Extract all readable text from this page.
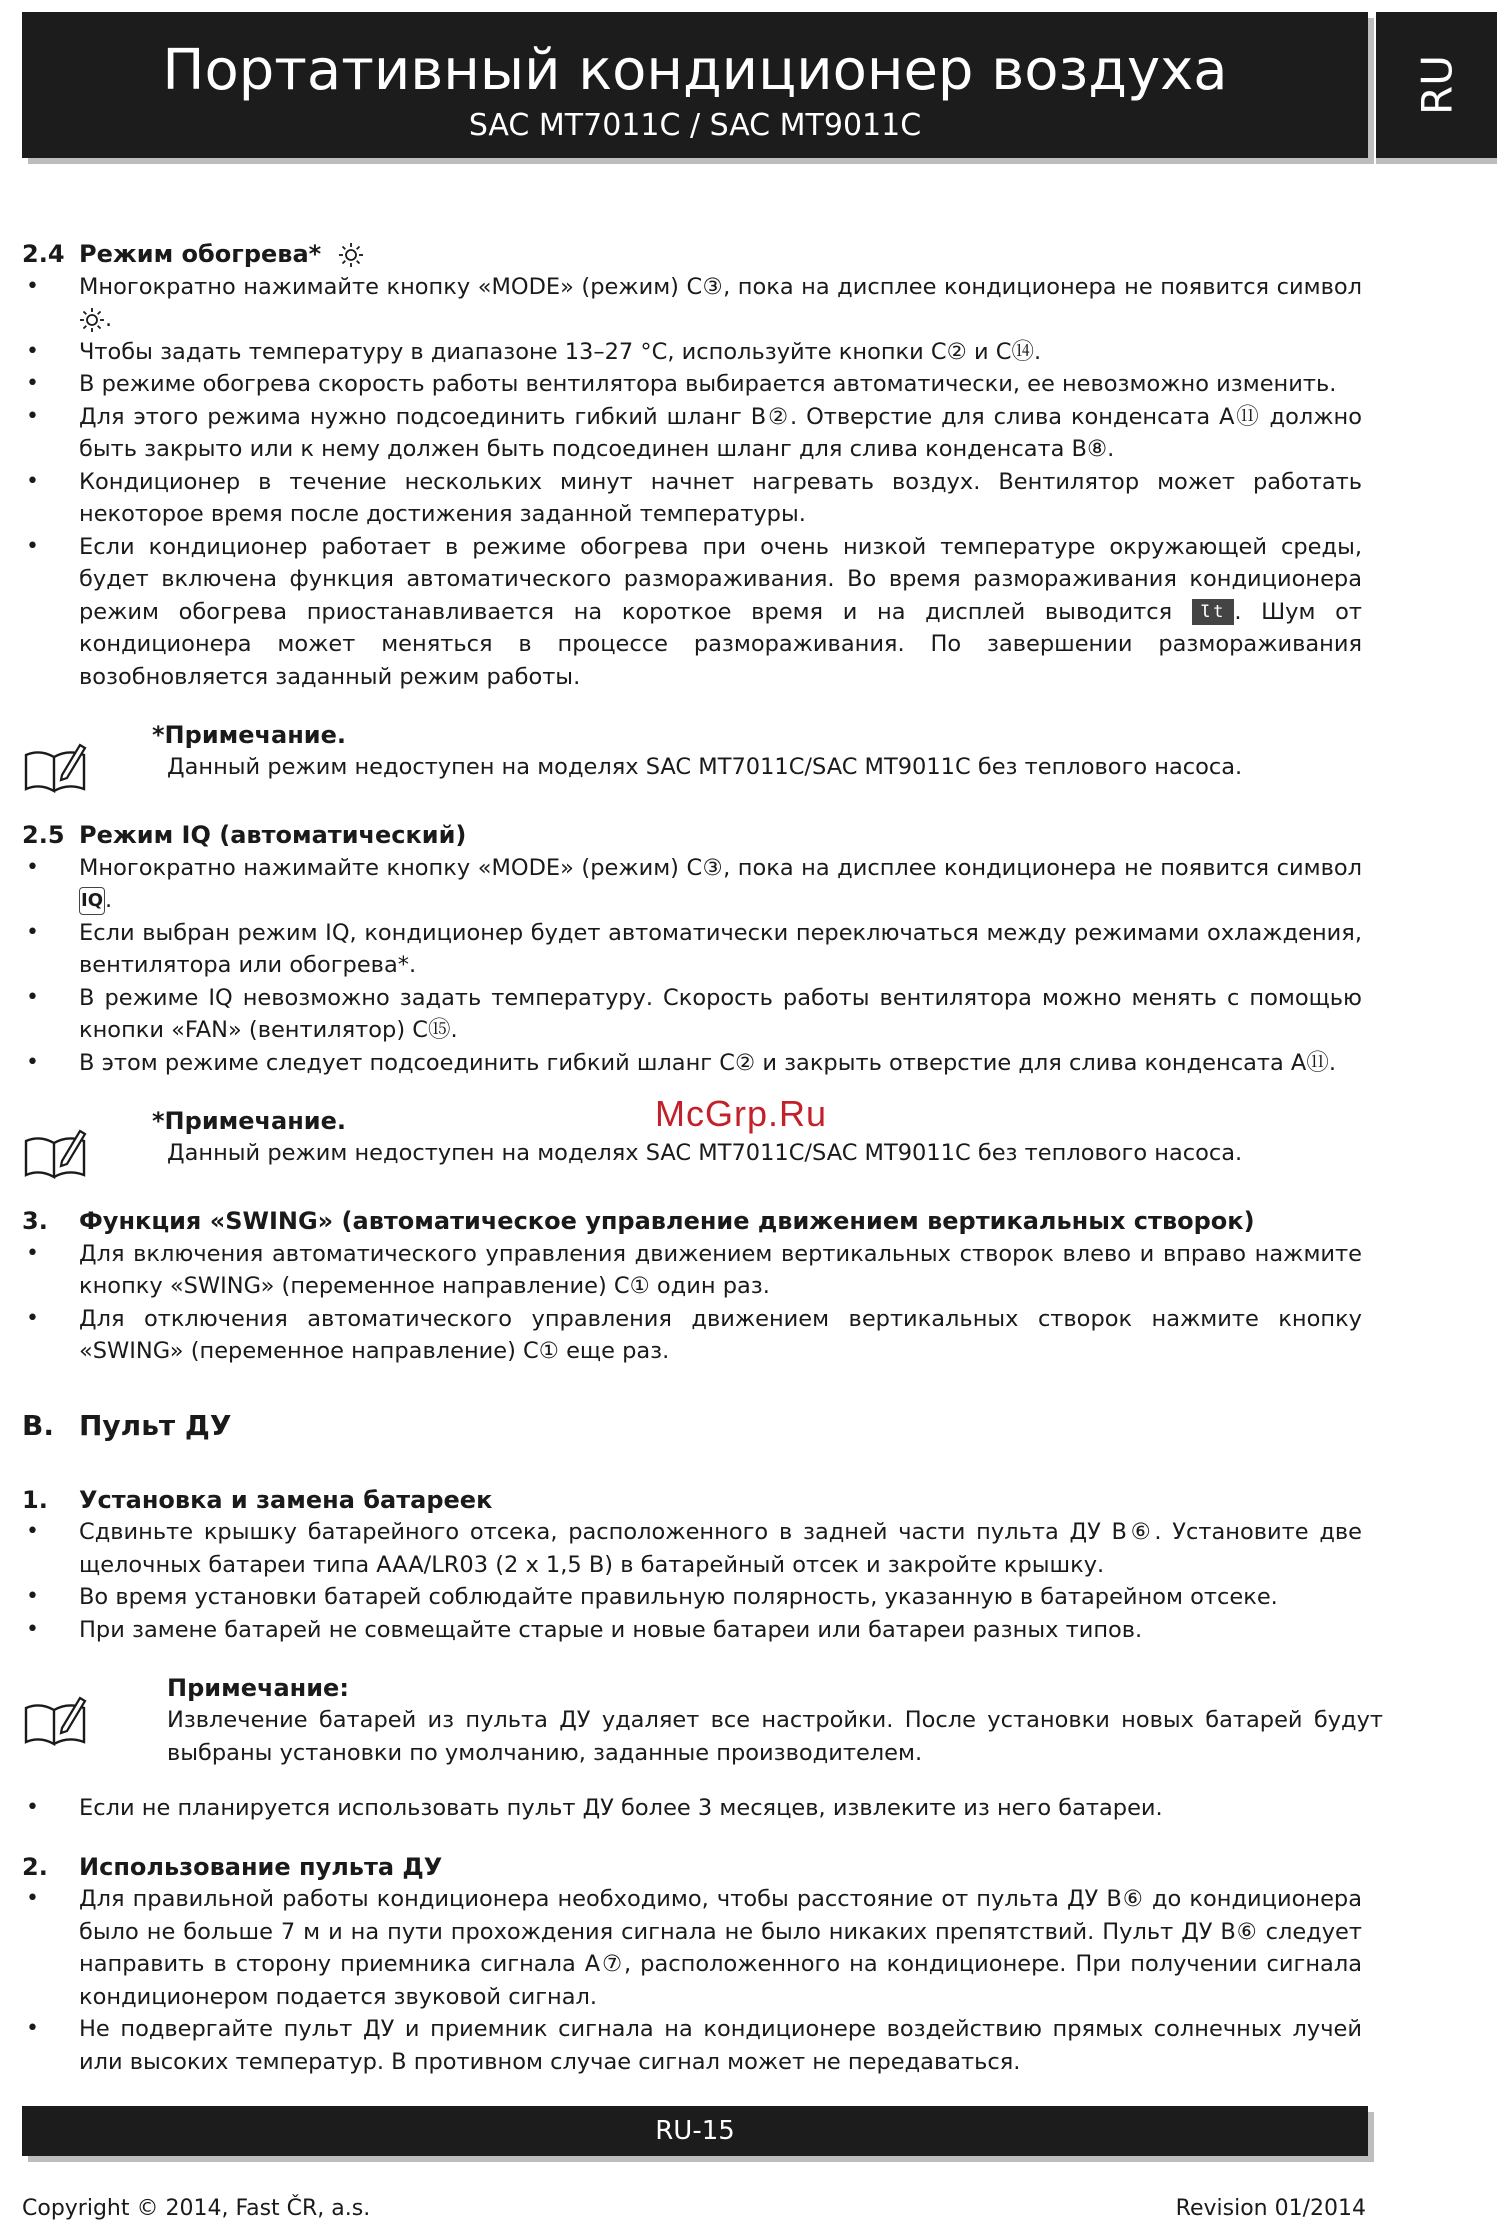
Портативный кондиционер воздуха
SAC MT7011C / SAC MT9011C
RU
McGrp.Ru
2.4 Режим обогрева*
• Многократно нажимайте кнопку «MODE» (режим) C③, пока на дисплее кондиционера не появится символ .
• Чтобы задать температуру в диапазоне 13–27 °C, используйте кнопки C② и C⑭.
• В режиме обогрева скорость работы вентилятора выбирается автоматически, ее невозможно изменить.
• Для этого режима нужно подсоединить гибкий шланг B②. Отверстие для слива конденсата A⑪ должно быть закрыто или к нему должен быть подсоединен шланг для слива конденсата B⑧.
• Кондиционер в течение нескольких минут начнет нагревать воздух. Вентилятор может работать некоторое время после достижения заданной температуры.
• Если кондиционер работает в режиме обогрева при очень низкой температуре окружающей среды, будет включена функция автоматического размораживания. Во время размораживания кондиционера режим обогрева приостанавливается на короткое время и на дисплей выводится Ɩt . Шум от кондиционера может меняться в процессе размораживания. По завершении размораживания возобновляется заданный режим работы.
*Примечание.
Данный режим недоступен на моделях SAC MT7011C/SAC MT9011C без теплового насоса.
2.5 Режим IQ (автоматический)
• Многократно нажимайте кнопку «MODE» (режим) C③, пока на дисплее кондиционера не появится символ IQ.
• Если выбран режим IQ, кондиционер будет автоматически переключаться между режимами охлаждения, вентилятора или обогрева*.
• В режиме IQ невозможно задать температуру. Скорость работы вентилятора можно менять с помощью кнопки «FAN» (вентилятор) C⑮.
• В этом режиме следует подсоединить гибкий шланг C② и закрыть отверстие для слива конденсата A⑪.
*Примечание.
Данный режим недоступен на моделях SAC MT7011C/SAC MT9011C без теплового насоса.
3.	Функция «SWING» (автоматическое управление движением вертикальных створок)
• Для включения автоматического управления движением вертикальных створок влево и вправо нажмите кнопку «SWING» (переменное направление) C① один раз.
• Для отключения автоматического управления движением вертикальных створок нажмите кнопку «SWING» (переменное направление) C① еще раз.
B. Пульт ДУ
1.	Установка и замена батареек
• Сдвиньте крышку батарейного отсека, расположенного в задней части пульта ДУ B⑥. Установите две щелочных батареи типа AAA/LR03 (2 x 1,5 В) в батарейный отсек и закройте крышку.
• Во время установки батарей соблюдайте правильную полярность, указанную в батарейном отсеке.
• При замене батарей не совмещайте старые и новые батареи или батареи разных типов.
Примечание:
Извлечение батарей из пульта ДУ удаляет все настройки. После установки новых батарей будут выбраны установки по умолчанию, заданные производителем.
• Если не планируется использовать пульт ДУ более 3 месяцев, извлеките из него батареи.
2.	Использование пульта ДУ
• Для правильной работы кондиционера необходимо, чтобы расстояние от пульта ДУ B⑥ до кондиционера было не больше 7 м и на пути прохождения сигнала не было никаких препятствий. Пульт ДУ B⑥ следует направить в сторону приемника сигнала A⑦, расположенного на кондиционере. При получении сигнала кондиционером подается звуковой сигнал.
• Не подвергайте пульт ДУ и приемник сигнала на кондиционере воздействию прямых солнечных лучей или высоких температур. В противном случае сигнал может не передаваться.
RU-15
Copyright © 2014, Fast ČR, a.s.	Revision 01/2014
